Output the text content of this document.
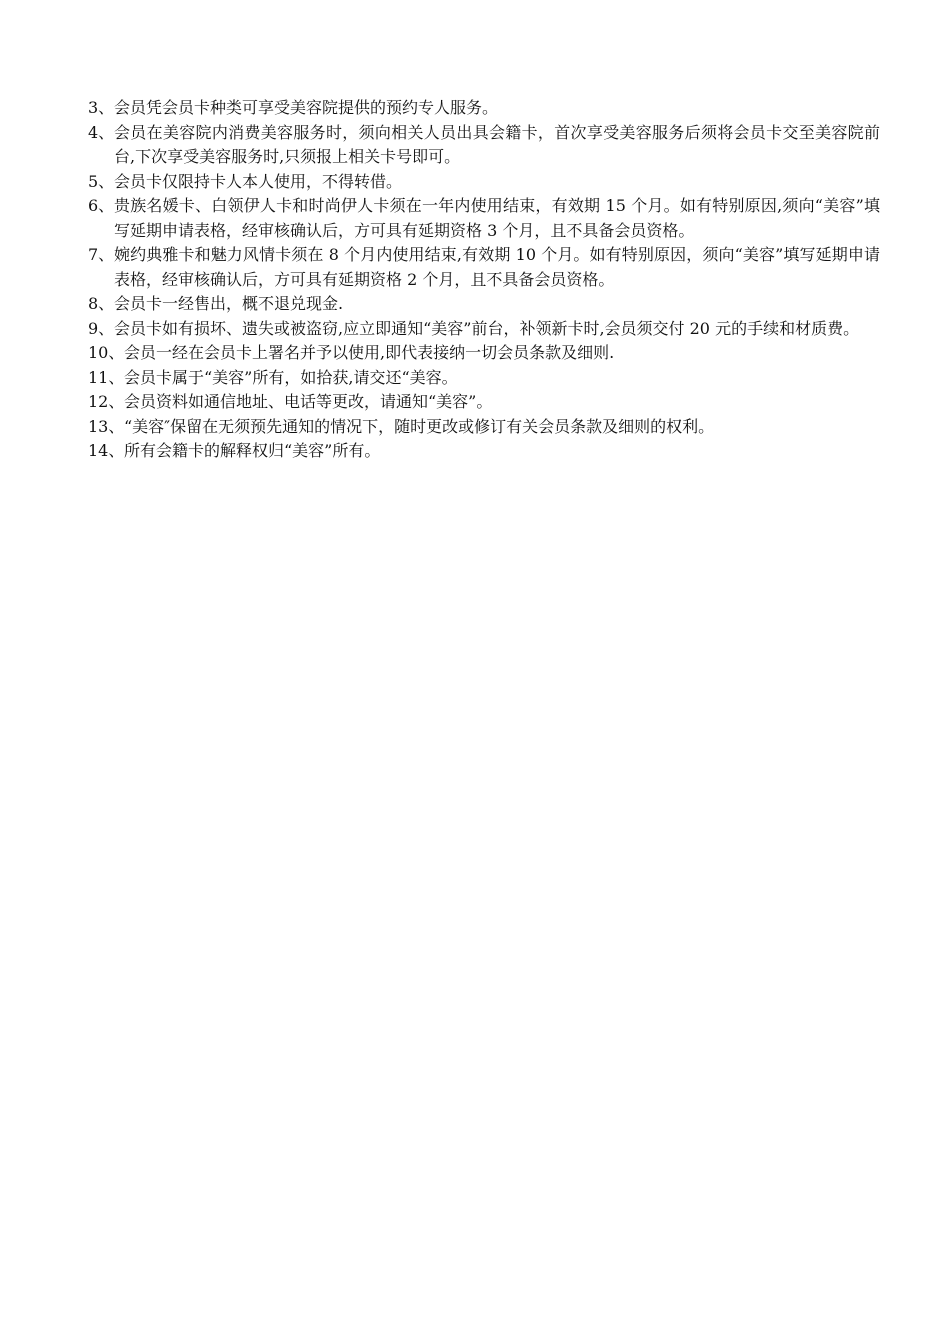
3、 会员凭会员卡种类可享受美容院提供的预约专人服务。
4、 会员在美容院内消费美容服务时，须向相关人员出具会籍卡，首次享受美容服务后须将会员卡交至美容院前台,下次享受美容服务时,只须报上相关卡号即可。
5、 会员卡仅限持卡人本人使用，不得转借。
6、 贵族名媛卡、白领伊人卡和时尚伊人卡须在一年内使用结束，有效期 15 个月。如有特别原因,须向“美容”填写延期申请表格，经审核确认后，方可具有延期资格 3 个月，且不具备会员资格。
7、 婉约典雅卡和魅力风情卡须在 8 个月内使用结束,有效期 10 个月。如有特别原因，须向“美容”填写延期申请表格，经审核确认后，方可具有延期资格 2 个月，且不具备会员资格。
8、 会员卡一经售出，概不退兑现金.
9、 会员卡如有损坏、遗失或被盗窃,应立即通知“美容”前台，补领新卡时,会员须交付 20 元的手续和材质费。
10、 会员一经在会员卡上署名并予以使用,即代表接纳一切会员条款及细则.
11、 会员卡属于“美容”所有，如拾获,请交还“美容。
12、 会员资料如通信地址、电话等更改，请通知“美容”。
13、 “美容″保留在无须预先通知的情况下，随时更改或修订有关会员条款及细则的权利。
14、 所有会籍卡的解释权归“美容”所有。
